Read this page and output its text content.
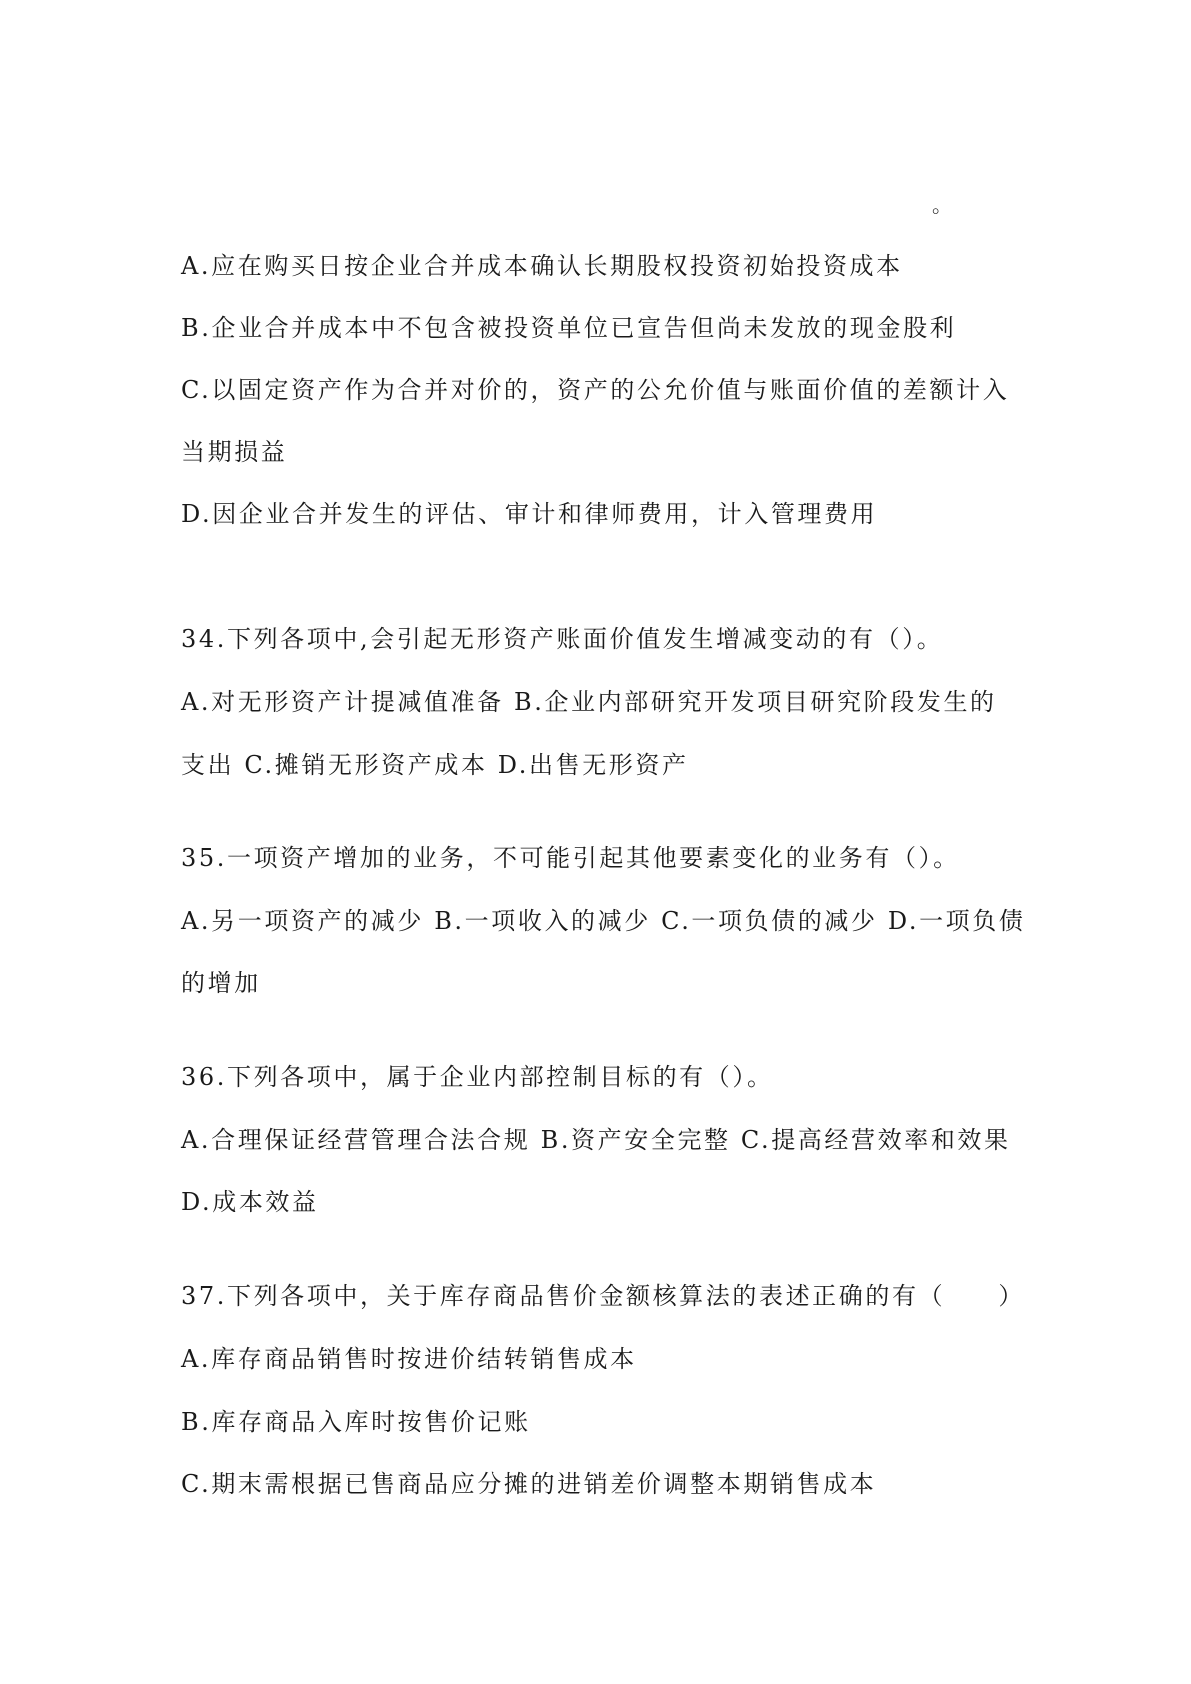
。
A.应在购买日按企业合并成本确认长期股权投资初始投资成本
B.企业合并成本中不包含被投资单位已宣告但尚未发放的现金股利
C.以固定资产作为合并对价的，资产的公允价值与账面价值的差额计入
当期损益
D.因企业合并发生的评估、审计和律师费用，计入管理费用
34.下列各项中,会引起无形资产账面价值发生增减变动的有（）。
A.对无形资产计提减值准备 B.企业内部研究开发项目研究阶段发生的
支出 C.摊销无形资产成本 D.出售无形资产
35.一项资产增加的业务，不可能引起其他要素变化的业务有（）。
A.另一项资产的减少 B.一项收入的减少 C.一项负债的减少 D.一项负债
的增加
36.下列各项中，属于企业内部控制目标的有（）。
A.合理保证经营管理合法合规 B.资产安全完整 C.提高经营效率和效果
D.成本效益
37.下列各项中，关于库存商品售价金额核算法的表述正确的有（　　）
A.库存商品销售时按进价结转销售成本
B.库存商品入库时按售价记账
C.期末需根据已售商品应分摊的进销差价调整本期销售成本
